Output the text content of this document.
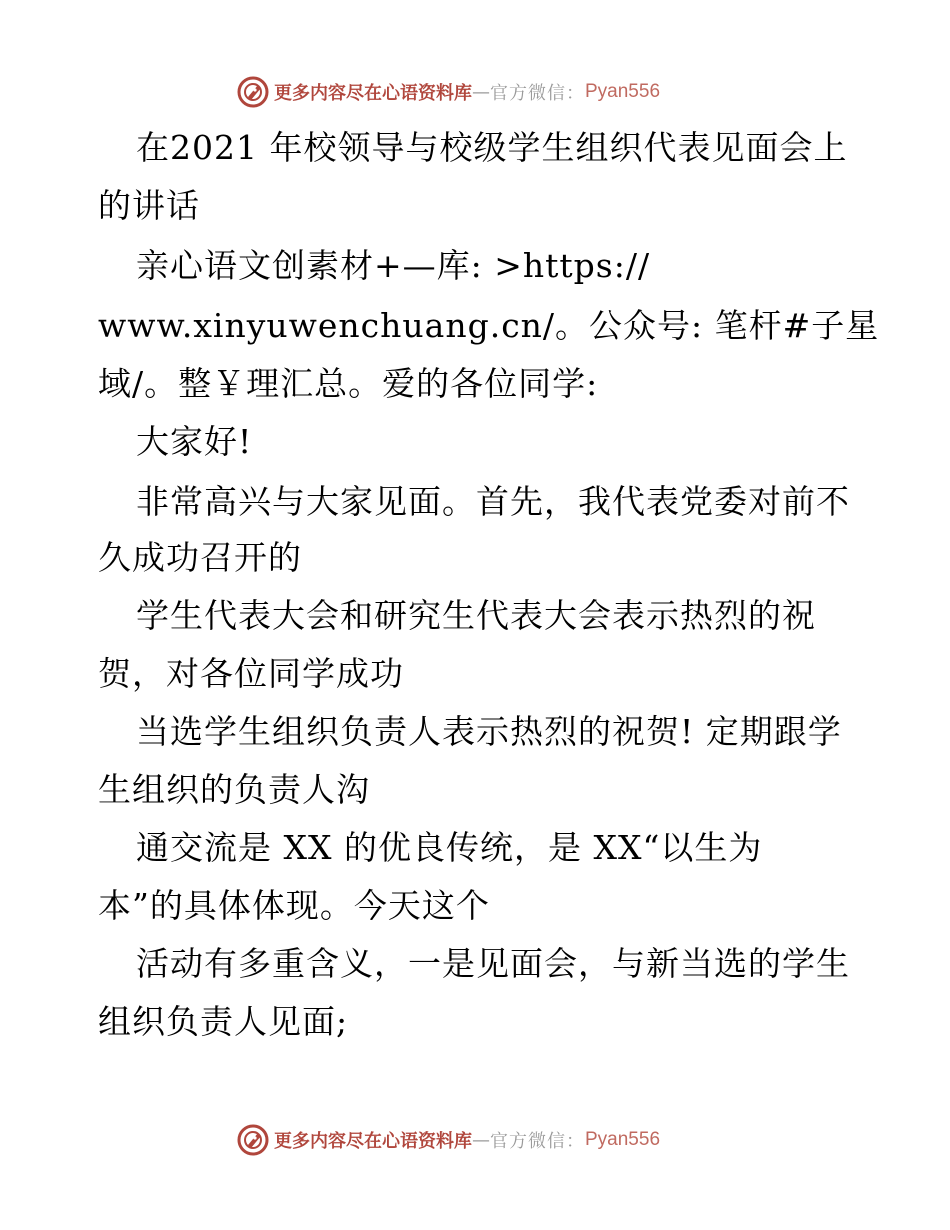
更多内容尽在心语资料库 — 官方微信： Pyan556
在2021 年校领导与校级学生组织代表见面会上
的讲话
亲心语文创素材+—库: >https://
www.xinyuwenchuang.cn/。公众号: 笔杆#子星
域/。整￥理汇总。爱的各位同学:
大家好!
非常高兴与大家见面。首先，我代表党委对前不
久成功召开的
学生代表大会和研究生代表大会表示热烈的祝
贺，对各位同学成功
当选学生组织负责人表示热烈的祝贺! 定期跟学
生组织的负责人沟
通交流是 XX 的优良传统，是 XX“以生为
本”的具体体现。今天这个
活动有多重含义，一是见面会，与新当选的学生
组织负责人见面;
更多内容尽在心语资料库 — 官方微信： Pyan556
